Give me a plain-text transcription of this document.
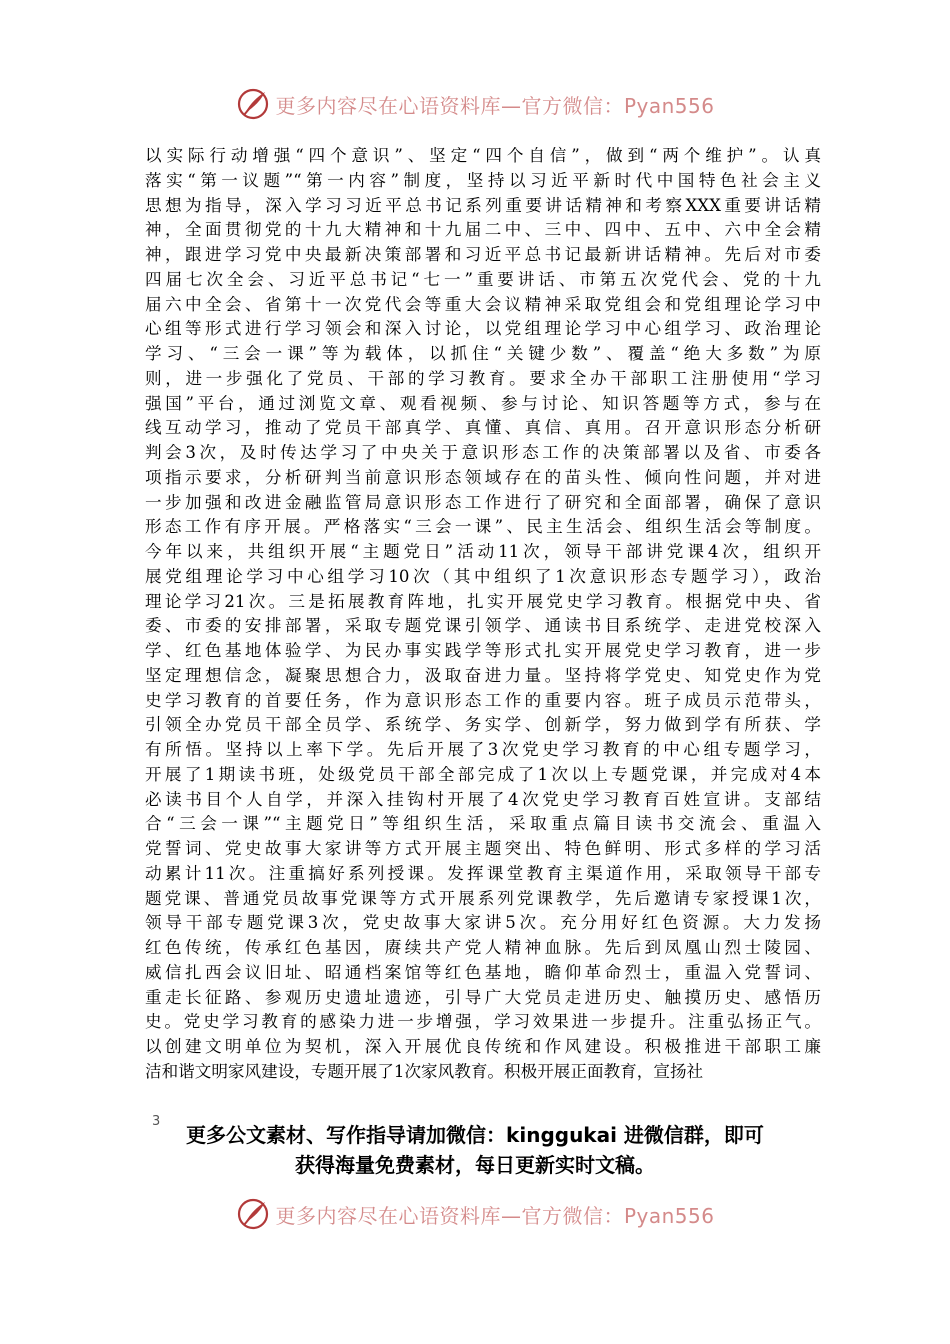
更多内容尽在心语资料库—官方微信：Pyan556
以实际行动增强“四个意识”、坚定“四个自信”，做到“两个维护”。认真
落实“第一议题”“第一内容”制度，坚持以习近平新时代中国特色社会主义
思想为指导，深入学习习近平总书记系列重要讲话精神和考察XXX重要讲话精
神，全面贯彻党的十九大精神和十九届二中、三中、四中、五中、六中全会精
神，跟进学习党中央最新决策部署和习近平总书记最新讲话精神。先后对市委
四届七次全会、习近平总书记“七一”重要讲话、市第五次党代会、党的十九
届六中全会、省第十一次党代会等重大会议精神采取党组会和党组理论学习中
心组等形式进行学习领会和深入讨论，以党组理论学习中心组学习、政治理论
学习、“三会一课”等为载体，以抓住“关键少数”、覆盖“绝大多数”为原
则，进一步强化了党员、干部的学习教育。要求全办干部职工注册使用“学习
强国”平台，通过浏览文章、观看视频、参与讨论、知识答题等方式，参与在
线互动学习，推动了党员干部真学、真懂、真信、真用。召开意识形态分析研
判会3次，及时传达学习了中央关于意识形态工作的决策部署以及省、市委各
项指示要求，分析研判当前意识形态领域存在的苗头性、倾向性问题，并对进
一步加强和改进金融监管局意识形态工作进行了研究和全面部署，确保了意识
形态工作有序开展。严格落实“三会一课”、民主生活会、组织生活会等制度。
今年以来，共组织开展“主题党日”活动11次，领导干部讲党课4次，组织开
展党组理论学习中心组学习10次（其中组织了1次意识形态专题学习），政治
理论学习21次。三是拓展教育阵地，扎实开展党史学习教育。根据党中央、省
委、市委的安排部署，采取专题党课引领学、通读书目系统学、走进党校深入
学、红色基地体验学、为民办事实践学等形式扎实开展党史学习教育，进一步
坚定理想信念，凝聚思想合力，汲取奋进力量。坚持将学党史、知党史作为党
史学习教育的首要任务，作为意识形态工作的重要内容。班子成员示范带头，
引领全办党员干部全员学、系统学、务实学、创新学，努力做到学有所获、学
有所悟。坚持以上率下学。先后开展了3次党史学习教育的中心组专题学习，
开展了1期读书班，处级党员干部全部完成了1次以上专题党课，并完成对4本
必读书目个人自学，并深入挂钩村开展了4次党史学习教育百姓宣讲。支部结
合“三会一课”“主题党日”等组织生活，采取重点篇目读书交流会、重温入
党誓词、党史故事大家讲等方式开展主题突出、特色鲜明、形式多样的学习活
动累计11次。注重搞好系列授课。发挥课堂教育主渠道作用，采取领导干部专
题党课、普通党员故事党课等方式开展系列党课教学，先后邀请专家授课1次，
领导干部专题党课3次，党史故事大家讲5次。充分用好红色资源。大力发扬
红色传统，传承红色基因，赓续共产党人精神血脉。先后到凤凰山烈士陵园、
威信扎西会议旧址、昭通档案馆等红色基地，瞻仰革命烈士，重温入党誓词、
重走长征路、参观历史遗址遗迹，引导广大党员走进历史、触摸历史、感悟历
史。党史学习教育的感染力进一步增强，学习效果进一步提升。注重弘扬正气。
以创建文明单位为契机，深入开展优良传统和作风建设。积极推进干部职工廉
洁和谐文明家风建设，专题开展了1次家风教育。积极开展正面教育，宣扬社
3
更多公文素材、写作指导请加微信：kinggukai 进微信群，即可
获得海量免费素材，每日更新实时文稿。
更多内容尽在心语资料库—官方微信：Pyan556
